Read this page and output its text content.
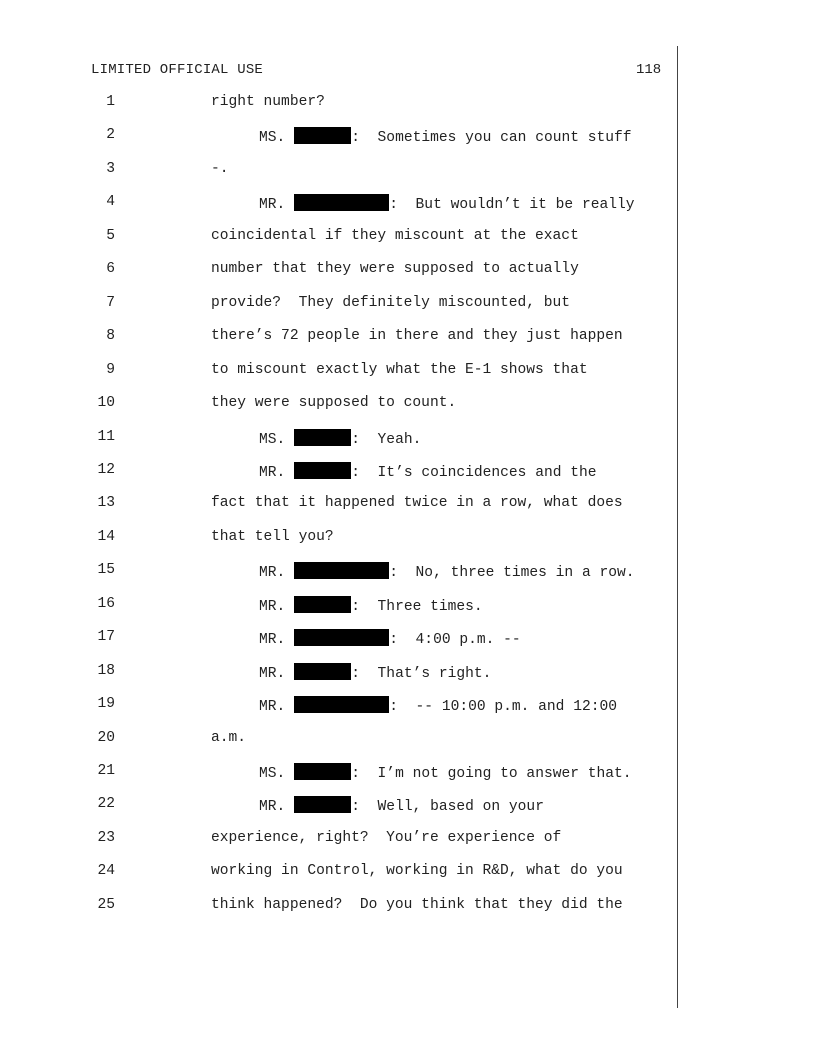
LIMITED OFFICIAL USE	118
1	right number?
2	MS.	:  Sometimes you can count stuff
3	-.
4	MR.	:  But wouldn’t it be really
5	coincidental if they miscount at the exact
6	number that they were supposed to actually
7	provide?  They definitely miscounted, but
8	there’s 72 people in there and they just happen
9	to miscount exactly what the E-1 shows that
10	they were supposed to count.
11	MS.	:  Yeah.
12	MR.	:  It’s coincidences and the
13	fact that it happened twice in a row, what does
14	that tell you?
15	MR.	:  No, three times in a row.
16	MR.	:  Three times.
17	MR.	:  4:00 p.m. --
18	MR.	:  That’s right.
19	MR.	:  -- 10:00 p.m. and 12:00
20	a.m.
21	MS.	:  I’m not going to answer that.
22	MR.	:  Well, based on your
23	experience, right?  You’re experience of
24	working in Control, working in R&D, what do you
25	think happened?  Do you think that they did the
